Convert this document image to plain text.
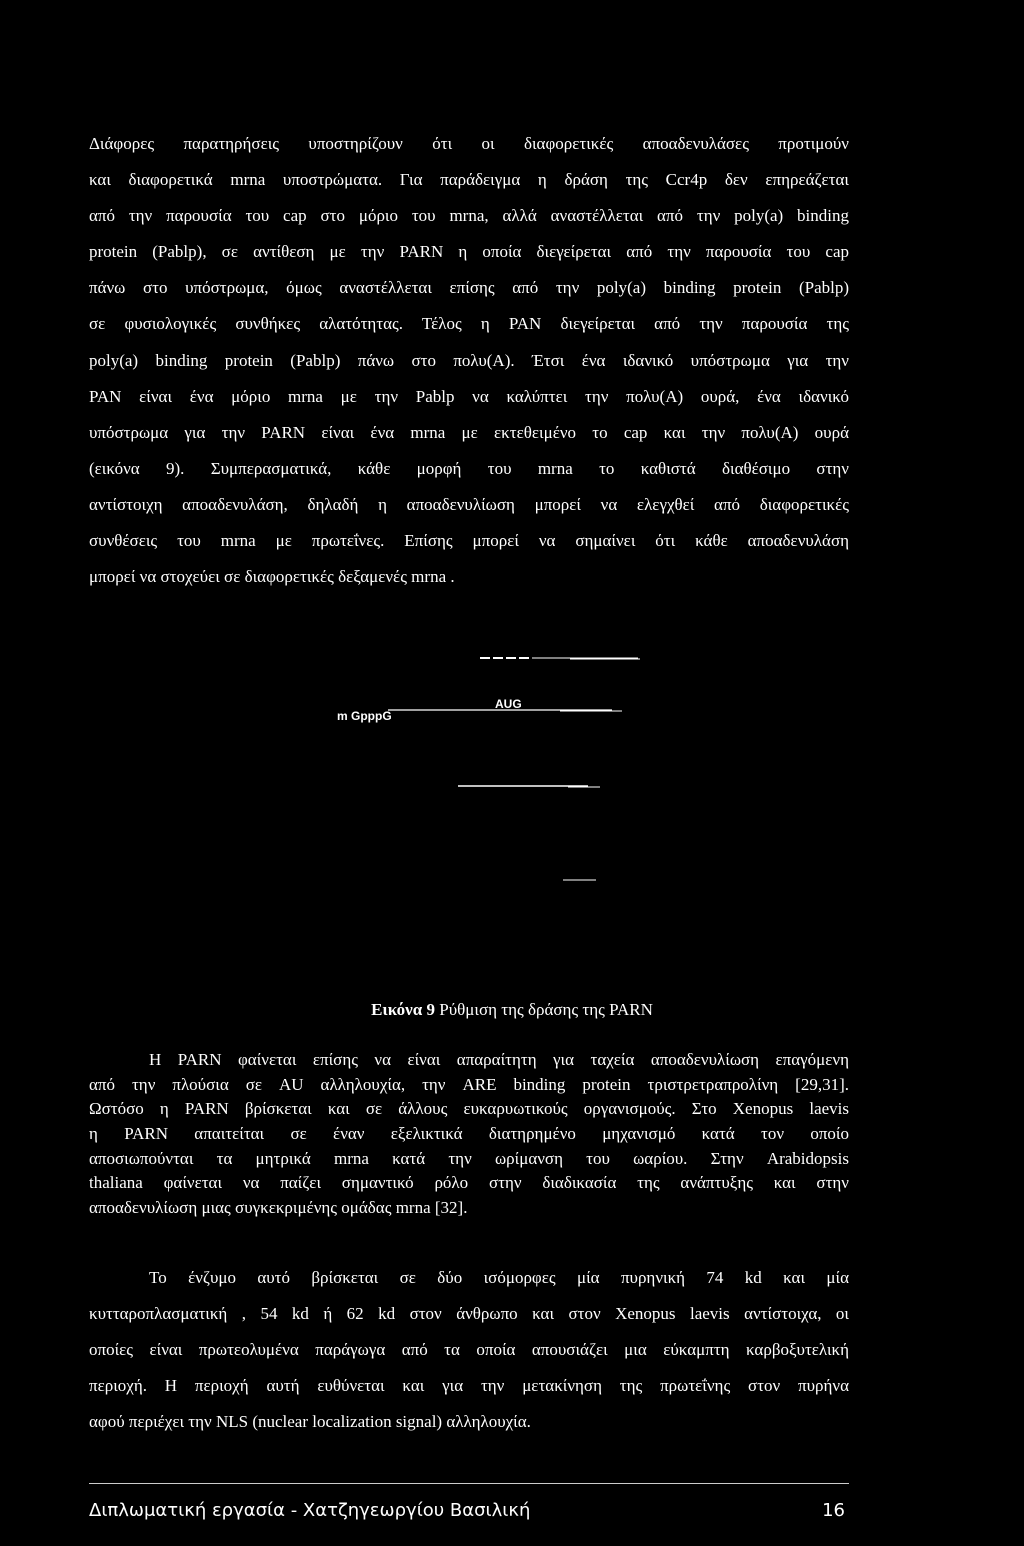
Διάφορες παρατηρήσεις υποστηρίζουν ότι οι διαφορετικές αποαδενυλάσες προτιμούν
και διαφορετικά mrna υποστρώματα. Για παράδειγμα η δράση της Ccr4p δεν επηρεάζεται
από την παρουσία του cap στο μόριο του mrna, αλλά αναστέλλεται από την poly(a) binding
protein (Pablp), σε αντίθεση με την PARN η οποία διεγείρεται από την παρουσία του cap
πάνω στο υπόστρωμα, όμως αναστέλλεται επίσης από την poly(a) binding protein (Pablp)
σε φυσιολογικές συνθήκες αλατότητας. Τέλος η PAN διεγείρεται από την παρουσία της
poly(a) binding protein (Pablp) πάνω στο πολυ(A). Έτσι ένα ιδανικό υπόστρωμα για την
PAN είναι ένα μόριο mrna με την Pablp να καλύπτει την πολυ(A) ουρά, ένα ιδανικό
υπόστρωμα για την PARN είναι ένα mrna με εκτεθειμένο το cap και την πολυ(A) ουρά
(εικόνα 9). Συμπερασματικά, κάθε μορφή του mrna το καθιστά διαθέσιμο στην
αντίστοιχη αποαδενυλάση, δηλαδή η αποαδενυλίωση μπορεί να ελεγχθεί από διαφορετικές
συνθέσεις του mrna με πρωτεΐνες. Επίσης μπορεί να σημαίνει ότι κάθε αποαδενυλάση
μπορεί να στοχεύει σε διαφορετικές δεξαμενές mrna .
m GpppG
AUG
Εικόνα 9 Ρύθμιση της δράσης της PARN
Η PARN φαίνεται επίσης να είναι απαραίτητη για ταχεία αποαδενυλίωση επαγόμενη
από την πλούσια σε AU αλληλουχία, την ARE binding protein τριστρετραπρολίνη [29,31].
Ωστόσο η PARN βρίσκεται και σε άλλους ευκαρυωτικούς οργανισμούς. Στο Xenopus laevis
η PARN απαιτείται σε έναν εξελικτικά διατηρημένο μηχανισμό κατά τον οποίο
αποσιωπούνται τα μητρικά mrna κατά την ωρίμανση του ωαρίου. Στην Arabidopsis
thaliana φαίνεται να παίζει σημαντικό ρόλο στην διαδικασία της ανάπτυξης και στην
αποαδενυλίωση μιας συγκεκριμένης ομάδας mrna [32].
Το ένζυμο αυτό βρίσκεται σε δύο ισόμορφες μία πυρηνική 74 kd και μία
κυτταροπλασματική , 54 kd ή 62 kd στον άνθρωπο και στον Xenopus laevis αντίστοιχα, οι
οποίες είναι πρωτεολυμένα παράγωγα από τα οποία απουσιάζει μια εύκαμπτη καρβοξυτελική
περιοχή. Η περιοχή αυτή ευθύνεται και για την μετακίνηση της πρωτεΐνης στον πυρήνα
αφού περιέχει την NLS (nuclear localization signal) αλληλουχία.
Διπλωματική εργασία - Χατζηγεωργίου Βασιλική	16
